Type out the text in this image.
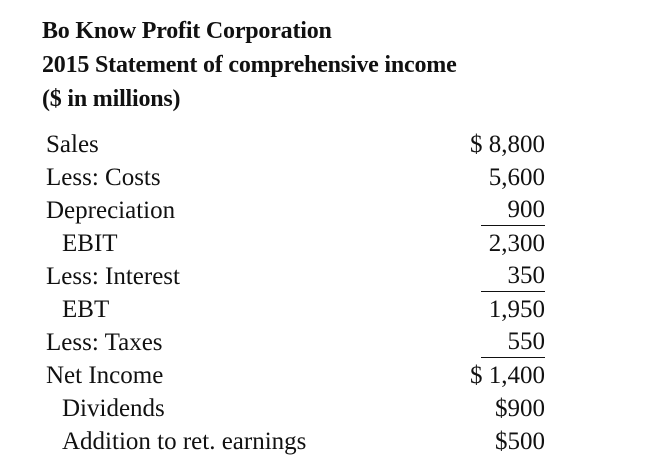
Bo Know Profit Corporation
2015 Statement of comprehensive income
($ in millions)
Sales	$ 8,800
Less: Costs	5,600
Depreciation	900
EBIT	2,300
Less: Interest	350
EBT	1,950
Less: Taxes	550
Net Income	$ 1,400
Dividends	$900
Addition to ret. earnings	$500
